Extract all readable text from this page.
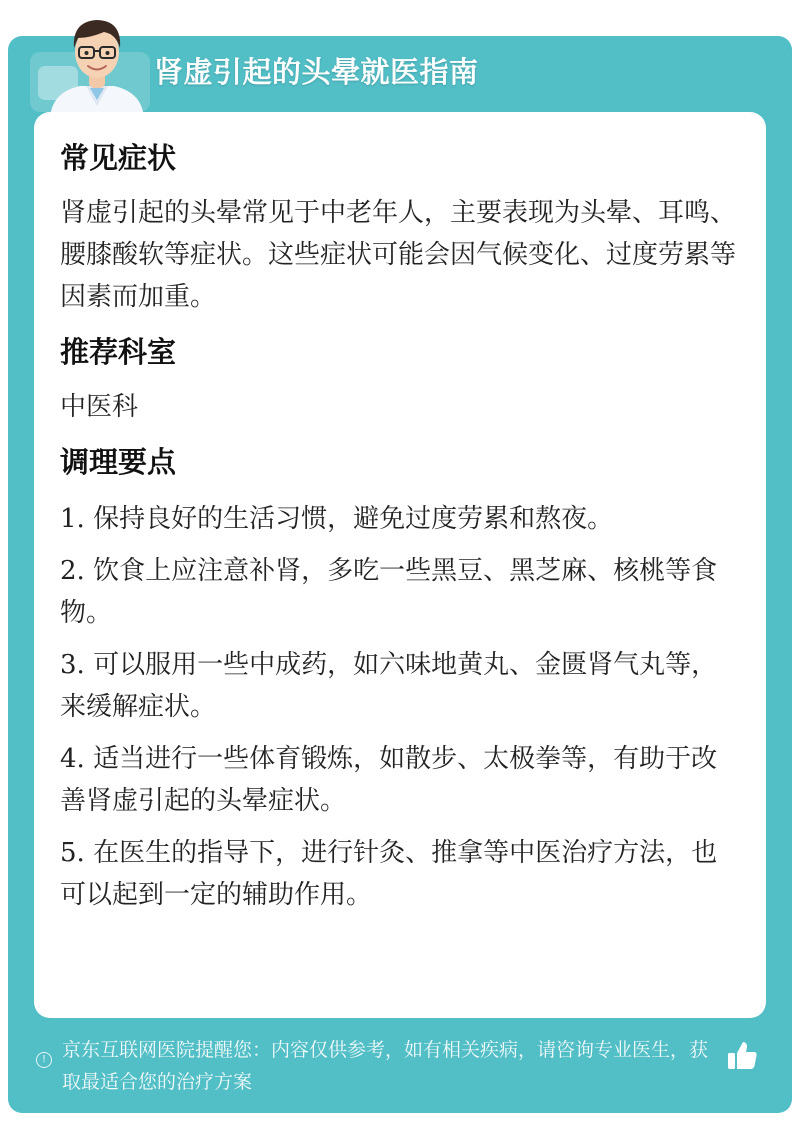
肾虚引起的头晕就医指南
常见症状

肾虚引起的头晕常见于中老年人，主要表现为头晕、耳鸣、腰膝酸软等症状。这些症状可能会因气候变化、过度劳累等因素而加重。

推荐科室

中医科

调理要点
1. 保持良好的生活习惯，避免过度劳累和熬夜。
2. 饮食上应注意补肾，多吃一些黑豆、黑芝麻、核桃等食物。
3. 可以服用一些中成药，如六味地黄丸、金匮肾气丸等，来缓解症状。
4. 适当进行一些体育锻炼，如散步、太极拳等，有助于改善肾虚引起的头晕症状。
5. 在医生的指导下，进行针灸、推拿等中医治疗方法，也可以起到一定的辅助作用。
! 京东互联网医院提醒您：内容仅供参考，如有相关疾病，请咨询专业医生，获取最适合您的治疗方案
